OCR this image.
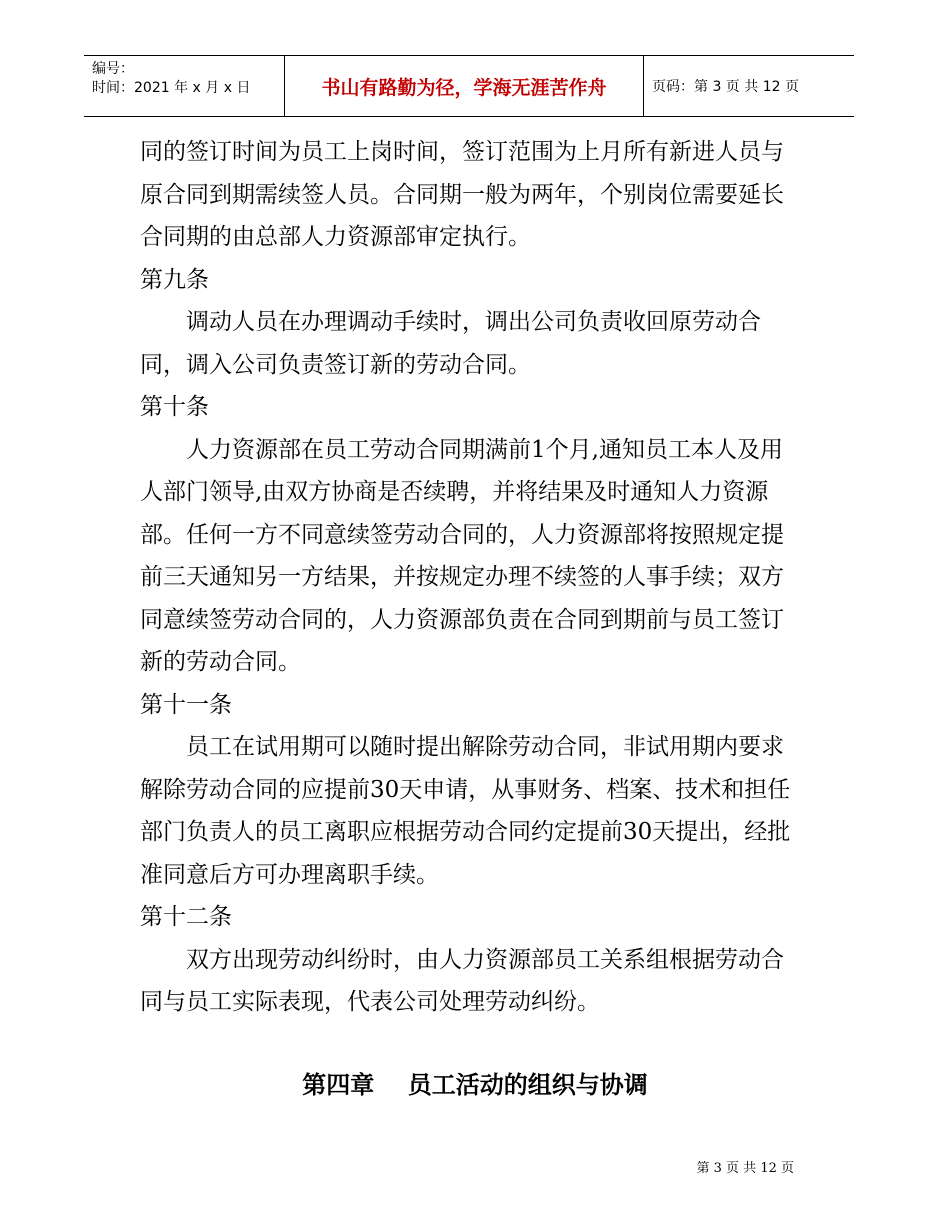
编号：
时间：2021 年 x 月 x 日	书山有路勤为径，学海无涯苦作舟	页码：第 3 页 共 12 页

同的签订时间为员工上岗时间，签订范围为上月所有新进人员与原合同到期需续签人员。合同期一般为两年，个别岗位需要延长合同期的由总部人力资源部审定执行。

第九条

调动人员在办理调动手续时，调出公司负责收回原劳动合同，调入公司负责签订新的劳动合同。

第十条

人力资源部在员工劳动合同期满前1个月,通知员工本人及用人部门领导,由双方协商是否续聘，并将结果及时通知人力资源部。任何一方不同意续签劳动合同的，人力资源部将按照规定提前三天通知另一方结果，并按规定办理不续签的人事手续；双方同意续签劳动合同的，人力资源部负责在合同到期前与员工签订新的劳动合同。

第十一条

员工在试用期可以随时提出解除劳动合同，非试用期内要求解除劳动合同的应提前30天申请，从事财务、档案、技术和担任部门负责人的员工离职应根据劳动合同约定提前30天提出，经批准同意后方可办理离职手续。

第十二条

双方出现劳动纠纷时，由人力资源部员工关系组根据劳动合同与员工实际表现，代表公司处理劳动纠纷。

第四章    员工活动的组织与协调
第 3 页 共 12 页
